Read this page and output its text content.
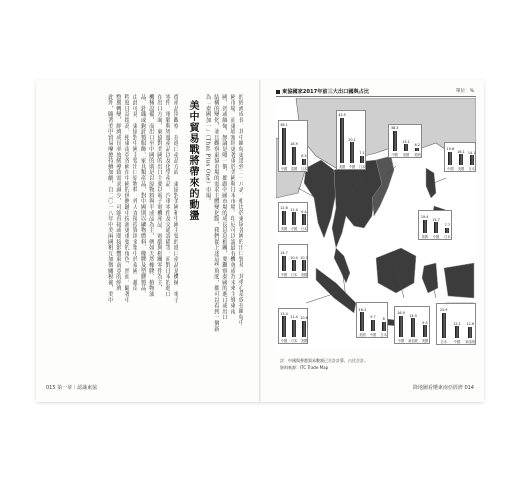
的經濟成長，其中緬甸更達到二一八%。相比於東協各國的出口貿易，其重心是放在緬甸中
國市場，而東埔寨則更著重於美國與日本市場，印尼可以說最有機會成為未來主導東南
國，甚或緬甸、無論是哪一個，都跟中國市場的成長息息相關，要觀察泰國的進口或出口
結構的變化，並且觀察東協市場的需求主體變化點，我們從上述這些角度，都可以看到一個新
為「泰國加一」（Thai Plus One）市場。
美中貿易戰將帶來的動盪
從產品別觀察，在進口產品方面，東協對美國和中國主要的進口產品是機械、電子
零件、電腦與周邊產品以及化學產品、汽車零件及交通設備等，而對日本的進口
在出口方面，東協對美國的出口主要以電子電機產品、電腦與相關零件為主，
機械設備，而出口至中國的則是以原物料與半成品為主，例如天然橡膠、植物油
品、針織或鉤針製服飾、家具類產品，對中國則以礦物燃料、橡膠及塑膠製品、
由此可見，東協對中國主要出口原物料，外人直接投資則多集中於泰國、越南
程度日益提高，使東南亞各國在中國的供應鏈中扮演更重要的角色，然而，隨著中
整風轉變，經濟成長率放緩導致需求減少，可能直接或間接影響東南亞的經濟
此外，隨著美中貿易摩擦持續加劇，自二〇一八年中美兩國相互加徵關稅後，美中
015 第一章｜認識東協	降地圖看懂東南亞經濟 014
東協國家2017年前三大出口國與占比	單位：%
38.1
中國
18.9
泰國
6.5
日本
43.5
美國
20.1
中國
7.1
日本
38.3
中國
13.1
泰國
6.2
美國
19.8
中國
16.1
美國
14.1
日本
12.6
美國
11.4
中國
9.4
日本
19.4
美國
15.7
中國
7.7
日本
14.7
中國
10.4
日本
10.3
美國
16.3
美國
9.7
中國
8
日本
13.4
中國
11.4
日本
10.6
美國
16.9
中國
14.9
新加坡
9.5
美國
25.9
日本
12.1
中國
11.6
新加坡
註：中國與香港貿易數額已合計計算，占比合計。
資料來源：ITC Trade Map
